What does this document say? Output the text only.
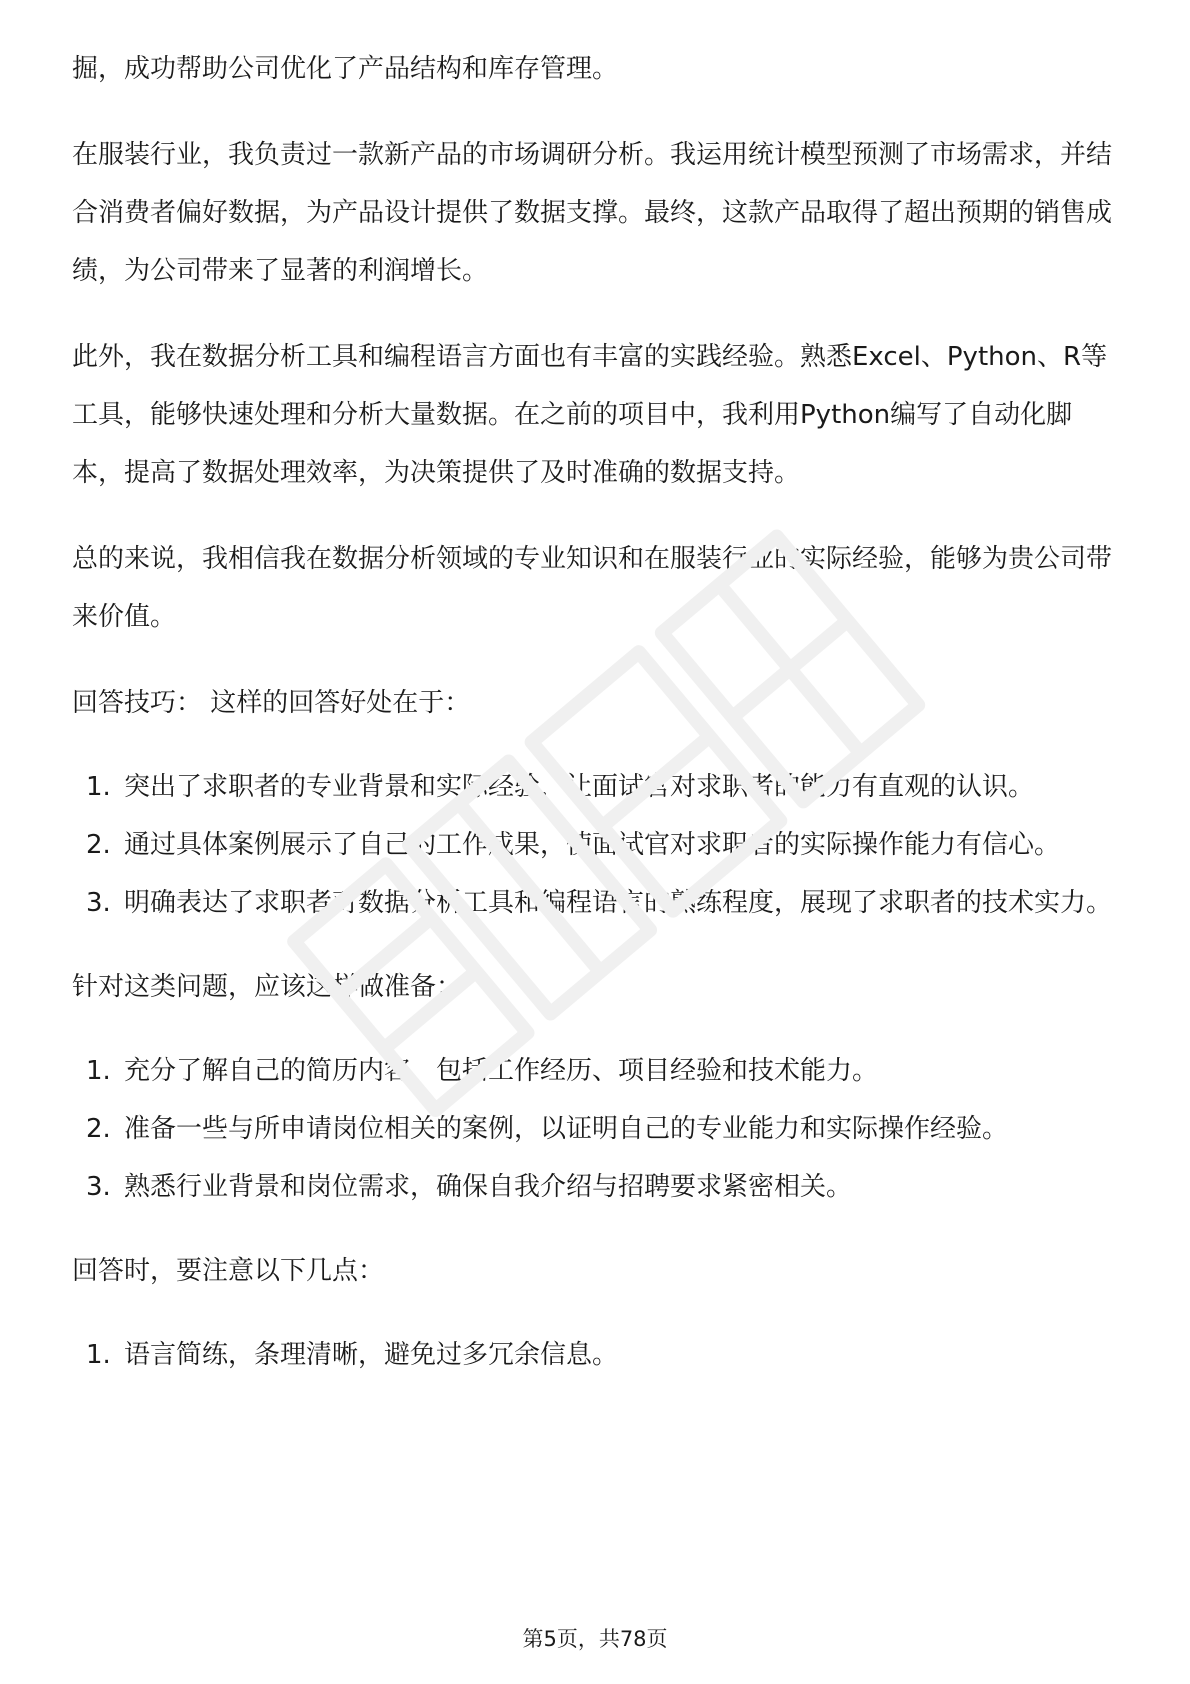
掘，成功帮助公司优化了产品结构和库存管理。

在服装行业，我负责过一款新产品的市场调研分析。我运用统计模型预测了市场需求，并结合消费者偏好数据，为产品设计提供了数据支撑。最终，这款产品取得了超出预期的销售成绩，为公司带来了显著的利润增长。

此外，我在数据分析工具和编程语言方面也有丰富的实践经验。熟悉Excel、Python、R等工具，能够快速处理和分析大量数据。在之前的项目中，我利用Python编写了自动化脚本，提高了数据处理效率，为决策提供了及时准确的数据支持。

总的来说，我相信我在数据分析领域的专业知识和在服装行业的实际经验，能够为贵公司带来价值。

回答技巧： 这样的回答好处在于：

1. 突出了求职者的专业背景和实际经验，让面试官对求职者的能力有直观的认识。
2. 通过具体案例展示了自己的工作成果，使面试官对求职者的实际操作能力有信心。
3. 明确表达了求职者对数据分析工具和编程语言的熟练程度，展现了求职者的技术实力。

针对这类问题，应该这样做准备：

1. 充分了解自己的简历内容，包括工作经历、项目经验和技术能力。
2. 准备一些与所申请岗位相关的案例，以证明自己的专业能力和实际操作经验。
3. 熟悉行业背景和岗位需求，确保自我介绍与招聘要求紧密相关。

回答时，要注意以下几点：

1. 语言简练，条理清晰，避免过多冗余信息。
第5页，共78页
